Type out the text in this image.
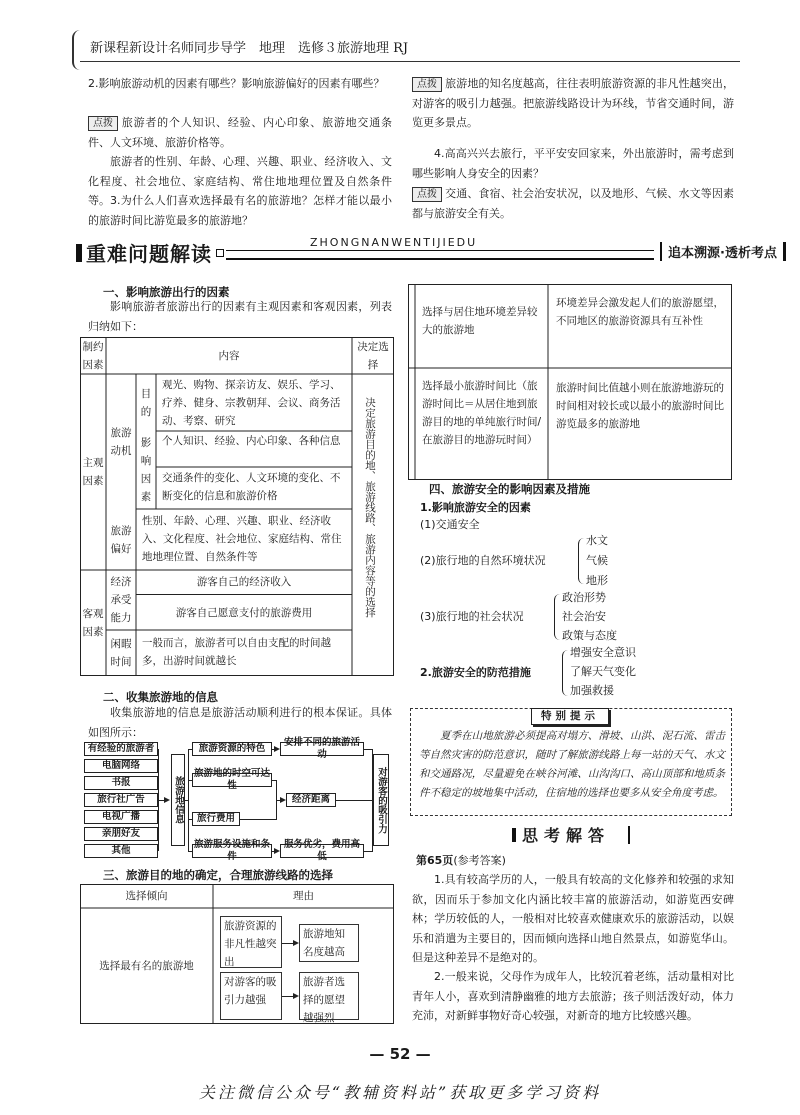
新课程新设计名师同步导学　地理　选修３旅游地理 RJ
2.影响旅游动机的因素有哪些？影响旅游偏好的因素有哪些？
点拨 旅游者的个人知识、经验、内心印象、旅游地交通条件、人文环境、旅游价格等。
旅游者的性别、年龄、心理、兴趣、职业、经济收入、文化程度、社会地位、家庭结构、常住地地理位置及自然条件等。 3.为什么人们喜欢选择最有名的旅游地？怎样才能以最小的旅游时间比游览最多的旅游地？
点拨 旅游地的知名度越高，往往表明旅游资源的非凡性越突出，对游客的吸引力越强。把旅游线路设计为环线，节省交通时间，游览更多景点。
4.高高兴兴去旅行，平平安安回家来，外出旅游时，需考虑到哪些影响人身安全的因素？
点拨 交通、食宿、社会治安状况，以及地形、气候、水文等因素都与旅游安全有关。
重难问题解读	ZHONGNANWENTIJIEDU
追本溯源·透析考点
一、影响旅游出行的因素
影响旅游者旅游出行的因素有主观因素和客观因素，列表归纳如下：
制约因素
内容
决定选择
主观因素
客观因素
旅游动机
旅游偏好
目的
影响因素
观光、购物、探亲访友、娱乐、学习、疗养、健身、宗教朝拜、会议、商务活动、考察、研究
个人知识、经验、内心印象、各种信息
交通条件的变化、人文环境的变化、不断变化的信息和旅游价格
性别、年龄、心理、兴趣、职业、经济收入、文化程度、社会地位、家庭结构、常住地地理位置、自然条件等
经济承受能力
游客自己的经济收入
游客自己愿意支付的旅游费用
闲暇时间
一般而言，旅游者可以自由支配的时间越多，出游时间就越长
决定旅游目的地、旅游线路、旅游内容等的选择
二、收集旅游地的信息
收集旅游地的信息是旅游活动顺利进行的根本保证。具体如图所示：
有经验的旅游者
电脑网络
书报
旅行社广告
电视广播
亲朋好友
其他
旅游地信息
旅游资源的特色
旅游地的时空可达性
旅行费用
旅游服务设施和条件
安排不同的旅游活动
经济距离
服务优劣，费用高低
对游客的吸引力
三、旅游目的地的确定，合理旅游线路的选择
选择倾向	理由
选择最有名的旅游地
旅游资源的非凡性越突出
旅游地知名度越高
对游客的吸引力越强
旅游者选择的愿望越强烈
选择与居住地环境差异较大的旅游地
环境差异会激发起人们的旅游愿望，不同地区的旅游资源具有互补性
选择最小旅游时间比（旅游时间比＝从居住地到旅游目的地的单纯旅行时间/在旅游目的地游玩时间）
旅游时间比值越小则在旅游地游玩的时间相对较长或以最小的旅游时间比游览最多的旅游地
四、旅游安全的影响因素及措施
1.影响旅游安全的因素
(1)交通安全
(2)旅行地的自然环境状况
水文
气候
地形
(3)旅行地的社会状况
政治形势
社会治安
政策与态度
2.旅游安全的防范措施
增强安全意识
了解天气变化
加强救援
特别提示
夏季在山地旅游必须提高对塌方、滑坡、山洪、泥石流、雷击等自然灾害的防范意识，随时了解旅游线路上每一站的天气、水文和交通路况，尽量避免在峡谷河滩、山沟沟口、高山顶部和地质条件不稳定的坡地集中活动，住宿地的选择也要多从安全角度考虑。
思考解答
第65页(参考答案)
1.具有较高学历的人，一般具有较高的文化修养和较强的求知欲，因而乐于参加文化内涵比较丰富的旅游活动，如游览西安碑林；学历较低的人，一般相对比较喜欢健康欢乐的旅游活动，以娱乐和消遣为主要目的，因而倾向选择山地自然景点，如游览华山。但是这种差异不是绝对的。
2.一般来说，父母作为成年人，比较沉着老练，活动量相对比青年人小，喜欢到清静幽雅的地方去旅游；孩子则活泼好动，体力充沛，对新鲜事物好奇心较强，对新奇的地方比较感兴趣。
— 52 —
关注微信公众号“教辅资料站”获取更多学习资料
